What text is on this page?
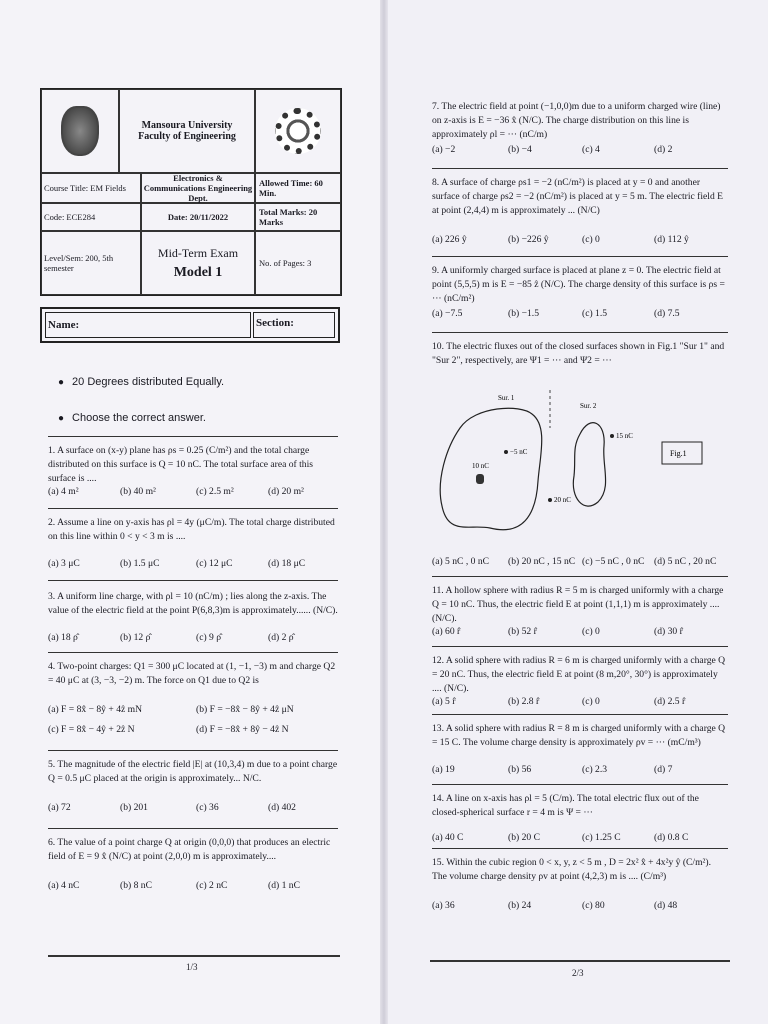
Mansoura University
Faculty of Engineering
Course Title: EM Fields
Electronics & Communications Engineering Dept.
Allowed Time: 60 Min.
Code: ECE284	Date: 20/11/2022	Total Marks: 20 Marks
Level/Sem: 200, 5th semester
Mid-Term Exam
Model 1
No. of Pages: 3
Name:	Section:
● 20 Degrees distributed Equally.
● Choose the correct answer.
1. A surface on (x-y) plane has ρs = 0.25 (C/m²) and the total charge distributed on this surface is Q = 10 nC. The total surface area of this surface is ....
(a) 4 m²	(b) 40 m²	(c) 2.5 m²	(d) 20 m²
2. Assume a line on y-axis has ρl = 4y (μC/m). The total charge distributed on this line within 0 < y < 3 m is ....
(a) 3 μC	(b) 1.5 μC	(c) 12 μC	(d) 18 μC
3. A uniform line charge, with ρl = 10 (nC/m) ; lies along the z-axis. The value of the electric field at the point P(6,8,3)m is approximately...... (N/C).
(a) 18 ρ̂	(b) 12 ρ̂	(c) 9 ρ̂	(d) 2 ρ̂
4. Two-point charges: Q1 = 300 μC located at (1, −1, −3) m and charge Q2 = 40 μC at (3, −3, −2) m. The force on Q1 due to Q2 is
(a) F = 8x̂ − 8ŷ + 4ẑ mN	(b) F = −8x̂ − 8ŷ + 4ẑ μN
(c) F = 8x̂ − 4ŷ + 2ẑ N	(d) F = −8x̂ + 8ŷ − 4ẑ N
5. The magnitude of the electric field |E| at (10,3,4) m due to a point charge Q = 0.5 μC placed at the origin is approximately... N/C.
(a) 72	(b) 201	(c) 36	(d) 402
6. The value of a point charge Q at origin (0,0,0) that produces an electric field of E = 9 x̂ (N/C) at point (2,0,0) m is approximately....
(a) 4 nC	(b) 8 nC	(c) 2 nC	(d) 1 nC
1/3
7. The electric field at point (−1,0,0)m due to a uniform charged wire (line) on z-axis is E = −36 x̂ (N/C). The charge distribution on this line is approximately ρl = ··· (nC/m)
(a) −2	(b) −4	(c) 4	(d) 2
8. A surface of charge ρs1 = −2 (nC/m²) is placed at y = 0 and another surface of charge ρs2 = −2 (nC/m²) is placed at y = 5 m. The electric field E at point (2,4,4) m is approximately ... (N/C)
(a) 226 ŷ	(b) −226 ŷ	(c) 0	(d) 112 ŷ
9. A uniformly charged surface is placed at plane z = 0. The electric field at point (5,5,5) m is E = −85 ẑ (N/C). The charge density of this surface is ρs = ··· (nC/m²)
(a) −7.5	(b) −1.5	(c) 1.5	(d) 7.5
10. The electric fluxes out of the closed surfaces shown in Fig.1 "Sur 1" and "Sur 2", respectively, are Ψ1 = ··· and Ψ2 = ···
(a) 5 nC , 0 nC (b) 20 nC , 15 nC (c) −5 nC , 0 nC (d) 5 nC , 20 nC
11. A hollow sphere with radius R = 5 m is charged uniformly with a charge Q = 10 nC. Thus, the electric field E at point (1,1,1) m is approximately .... (N/C).
(a) 60 r̂	(b) 52 r̂	(c) 0	(d) 30 r̂
12. A solid sphere with radius R = 6 m is charged uniformly with a charge Q = 20 nC. Thus, the electric field E at point (8 m,20°, 30°) is approximately .... (N/C).
(a) 5 r̂	(b) 2.8 r̂	(c) 0	(d) 2.5 r̂
13. A solid sphere with radius R = 8 m is charged uniformly with a charge Q = 15 C. The volume charge density is approximately ρv = ··· (mC/m³)
(a) 19	(b) 56	(c) 2.3	(d) 7
14. A line on x-axis has ρl = 5 (C/m). The total electric flux out of the closed-spherical surface r = 4 m is Ψ = ···
(a) 40 C	(b) 20 C	(c) 1.25 C	(d) 0.8 C
15. Within the cubic region 0 < x, y, z < 5 m , D = 2x² x̂ + 4x²y ŷ (C/m²). The volume charge density ρv at point (4,2,3) m is .... (C/m³)
(a) 36	(b) 24	(c) 80	(d) 48
Sur. 1
Sur. 2
−5 nC
10 nC
20 nC
15 nC
Fig.1
2/3
